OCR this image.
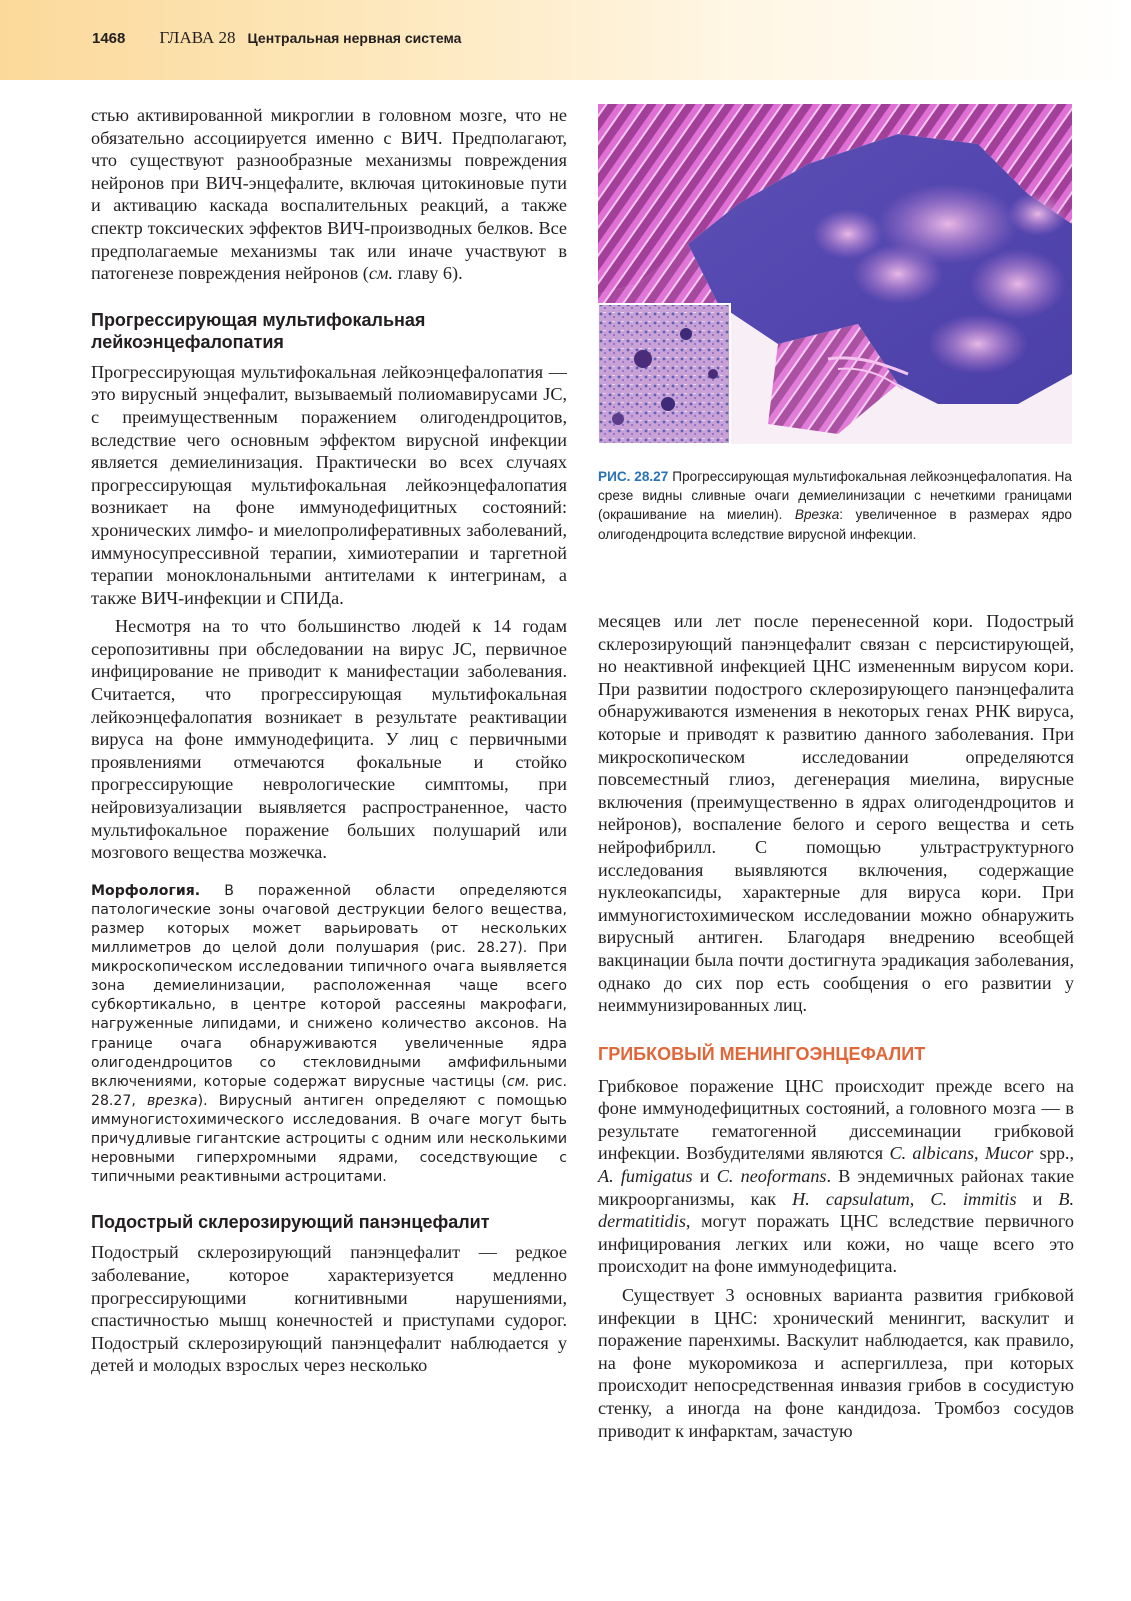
1468 ГЛАВА 28 Центральная нервная система

стью активированной микроглии в головном мозге, что не обязательно ассоциируется именно с ВИЧ. Предполагают, что существуют разнообразные механизмы повреждения нейронов при ВИЧ-энцефалите, включая цитокиновые пути и активацию каскада воспалительных реакций, а также спектр токсических эффектов ВИЧ-производных белков. Все предполагаемые механизмы так или иначе участвуют в патогенезе повреждения нейронов (см. главу 6).

Прогрессирующая мультифокальная лейкоэнцефалопатия

Прогрессирующая мультифокальная лейкоэнцефалопатия — это вирусный энцефалит, вызываемый полиомавирусами JC, с преимущественным поражением олигодендроцитов, вследствие чего основным эффектом вирусной инфекции является демиелинизация. Практически во всех случаях прогрессирующая мультифокальная лейкоэнцефалопатия возникает на фоне иммунодефицитных состояний: хронических лимфо- и миелопролиферативных заболеваний, иммуносупрессивной терапии, химиотерапии и таргетной терапии моноклональными антителами к интегринам, а также ВИЧ-инфекции и СПИДа.

Несмотря на то что большинство людей к 14 годам серопозитивны при обследовании на вирус JC, первичное инфицирование не приводит к манифестации заболевания. Считается, что прогрессирующая мультифокальная лейкоэнцефалопатия возникает в результате реактивации вируса на фоне иммунодефицита. У лиц с первичными проявлениями отмечаются фокальные и стойко прогрессирующие неврологические симптомы, при нейровизуализации выявляется распространенное, часто мультифокальное поражение больших полушарий или мозгового вещества мозжечка.

Морфология. В пораженной области определяются патологические зоны очаговой деструкции белого вещества, размер которых может варьировать от нескольких миллиметров до целой доли полушария (рис. 28.27). При микроскопическом исследовании типичного очага выявляется зона демиелинизации, расположенная чаще всего субкортикально, в центре которой рассеяны макрофаги, нагруженные липидами, и снижено количество аксонов. На границе очага обнаруживаются увеличенные ядра олигодендроцитов со стекловидными амфифильными включениями, которые содержат вирусные частицы (см. рис. 28.27, врезка). Вирусный антиген определяют с помощью иммуногистохимического исследования. В очаге могут быть причудливые гигантские астроциты с одним или несколькими неровными гиперхромными ядрами, соседствующие с типичными реактивными астроцитами.

Подострый склерозирующий панэнцефалит

Подострый склерозирующий панэнцефалит — редкое заболевание, которое характеризуется медленно прогрессирующими когнитивными нарушениями, спастичностью мышц конечностей и приступами судорог. Подострый склерозирующий панэнцефалит наблюдается у детей и молодых взрослых через несколько

РИС. 28.27 Прогрессирующая мультифокальная лейкоэнцефалопатия. На срезе видны сливные очаги демиелинизации с нечеткими границами (окрашивание на миелин). Врезка: увеличенное в размерах ядро олигодендроцита вследствие вирусной инфекции.

месяцев или лет после перенесенной кори. Подострый склерозирующий панэнцефалит связан с персистирующей, но неактивной инфекцией ЦНС измененным вирусом кори. При развитии подострого склерозирующего панэнцефалита обнаруживаются изменения в некоторых генах РНК вируса, которые и приводят к развитию данного заболевания. При микроскопическом исследовании определяются повсеместный глиоз, дегенерация миелина, вирусные включения (преимущественно в ядрах олигодендроцитов и нейронов), воспаление белого и серого вещества и сеть нейрофибрилл. С помощью ультраструктурного исследования выявляются включения, содержащие нуклеокапсиды, характерные для вируса кори. При иммуногистохимическом исследовании можно обнаружить вирусный антиген. Благодаря внедрению всеобщей вакцинации была почти достигнута эрадикация заболевания, однако до сих пор есть сообщения о его развитии у неиммунизированных лиц.

ГРИБКОВЫЙ МЕНИНГОЭНЦЕФАЛИТ

Грибковое поражение ЦНС происходит прежде всего на фоне иммунодефицитных состояний, а головного мозга — в результате гематогенной диссеминации грибковой инфекции. Возбудителями являются C. albicans, Mucor spp., A. fumigatus и C. neoformans. В эндемичных районах такие микроорганизмы, как H. capsulatum, C. immitis и B. dermatitidis, могут поражать ЦНС вследствие первичного инфицирования легких или кожи, но чаще всего это происходит на фоне иммунодефицита.

Существует 3 основных варианта развития грибковой инфекции в ЦНС: хронический менингит, васкулит и поражение паренхимы. Васкулит наблюдается, как правило, на фоне мукоромикоза и аспергиллеза, при которых происходит непосредственная инвазия грибов в сосудистую стенку, а иногда на фоне кандидоза. Тромбоз сосудов приводит к инфарктам, зачастую
